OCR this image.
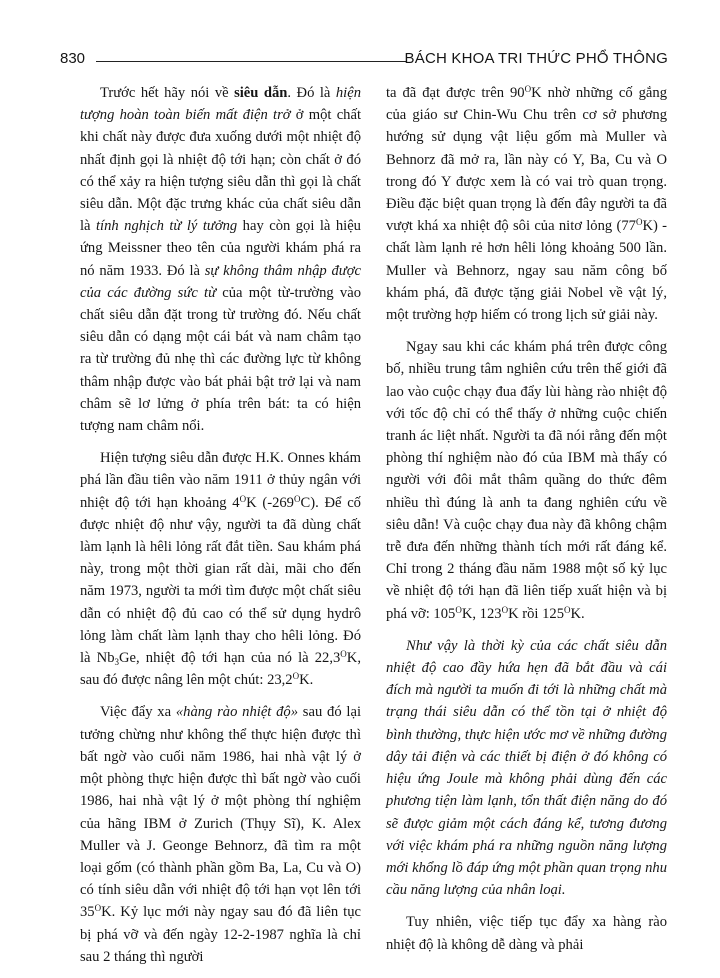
830	BÁCH KHOA TRI THỨC PHỔ THÔNG

Trước hết hãy nói về siêu dẫn. Đó là hiện tượng hoàn toàn biến mất điện trở ở một chất khi chất này được đưa xuống dưới một nhiệt độ nhất định gọi là nhiệt độ tới hạn; còn chất ở đó có thể xảy ra hiện tượng siêu dẫn thì gọi là chất siêu dẫn. Một đặc trưng khác của chất siêu dẫn là tính nghịch từ lý tưởng hay còn gọi là hiệu ứng Meissner theo tên của người khám phá ra nó năm 1933. Đó là sự không thâm nhập được của các đường sức từ của một từ-trường vào chất siêu dẫn đặt trong từ trường đó. Nếu chất siêu dẫn có dạng một cái bát và nam châm tạo ra từ trường đủ nhẹ thì các đường lực từ không thâm nhập được vào bát phải bật trở lại và nam châm sẽ lơ lửng ở phía trên bát: ta có hiện tượng nam châm nổi.

Hiện tượng siêu dẫn được H.K. Onnes khám phá lần đầu tiên vào năm 1911 ở thủy ngân với nhiệt độ tới hạn khoảng $4^OK$ $(-269^OC)$. Để cố được nhiệt độ như vậy, người ta đã dùng chất làm lạnh là hêli lỏng rất đắt tiền. Sau khám phá này, trong một thời gian rất dài, mãi cho đến năm 1973, người ta mới tìm được một chất siêu dẫn có nhiệt độ đủ cao có thể sử dụng hydrô lỏng làm chất làm lạnh thay cho hêli lỏng. Đó là $Nb_3Ge$, nhiệt độ tới hạn của nó là $22,3^OK$, sau đó được nâng lên một chút: $23,2^OK$.

Việc đẩy xa «hàng rào nhiệt độ» sau đó lại tưởng chừng như không thể thực hiện được thì bất ngờ vào cuối năm 1986, hai nhà vật lý ở một phòng thực hiện được thì bất ngờ vào cuối 1986, hai nhà vật lý ở một phòng thí nghiệm của hãng IBM ở Zurich (Thụy Sĩ), K. Alex Muller và J. Geonge Behnorz, đã tìm ra một loại gốm (có thành phần gồm Ba, La, Cu và O) có tính siêu dẫn với nhiệt độ tới hạn vọt lên tới $35^OK$. Kỷ lục mới này ngay sau đó đã liên tục bị phá vỡ và đến ngày 12-2-1987 nghĩa là chỉ sau 2 tháng thì người

ta đã đạt được trên $90^OK$ nhờ những cố gắng của giáo sư Chin-Wu Chu trên cơ sở phương hướng sử dụng vật liệu gốm mà Muller và Behnorz đã mở ra, lần này có Y, Ba, Cu và O trong đó Y được xem là có vai trò quan trọng. Điều đặc biệt quan trọng là đến đây người ta đã vượt khá xa nhiệt độ sôi của nitơ lỏng $(77^OK)$ - chất làm lạnh rẻ hơn hêli lỏng khoảng 500 lần. Muller và Behnorz, ngay sau năm công bố khám phá, đã được tặng giải Nobel về vật lý, một trường hợp hiếm có trong lịch sử giải này.

Ngay sau khi các khám phá trên được công bố, nhiều trung tâm nghiên cứu trên thế giới đã lao vào cuộc chạy đua đẩy lùi hàng rào nhiệt độ với tốc độ chỉ có thể thấy ở những cuộc chiến tranh ác liệt nhất. Người ta đã nói rằng đến một phòng thí nghiệm nào đó của IBM mà thấy có người với đôi mắt thâm quầng do thức đêm nhiều thì đúng là anh ta đang nghiên cứu về siêu dẫn! Và cuộc chạy đua này đã không chậm trễ đưa đến những thành tích mới rất đáng kể. Chỉ trong 2 tháng đầu năm 1988 một số kỷ lục về nhiệt độ tới hạn đã liên tiếp xuất hiện và bị phá vỡ: $105^OK$, $123^OK$ rồi $125^OK$.

Như vậy là thời kỳ của các chất siêu dẫn nhiệt độ cao đầy hứa hẹn đã bắt đầu và cái đích mà người ta muốn đi tới là những chất mà trạng thái siêu dẫn có thể tồn tại ở nhiệt độ bình thường, thực hiện ước mơ về những đường dây tải điện và các thiết bị điện ở đó không có hiệu ứng Joule mà không phải dùng đến các phương tiện làm lạnh, tổn thất điện năng do đó sẽ được giảm một cách đáng kể, tương đương với việc khám phá ra những nguồn năng lượng mới khổng lồ đáp ứng một phần quan trọng nhu cầu năng lượng của nhân loại.

Tuy nhiên, việc tiếp tục đẩy xa hàng rào nhiệt độ là không dễ dàng và phải
